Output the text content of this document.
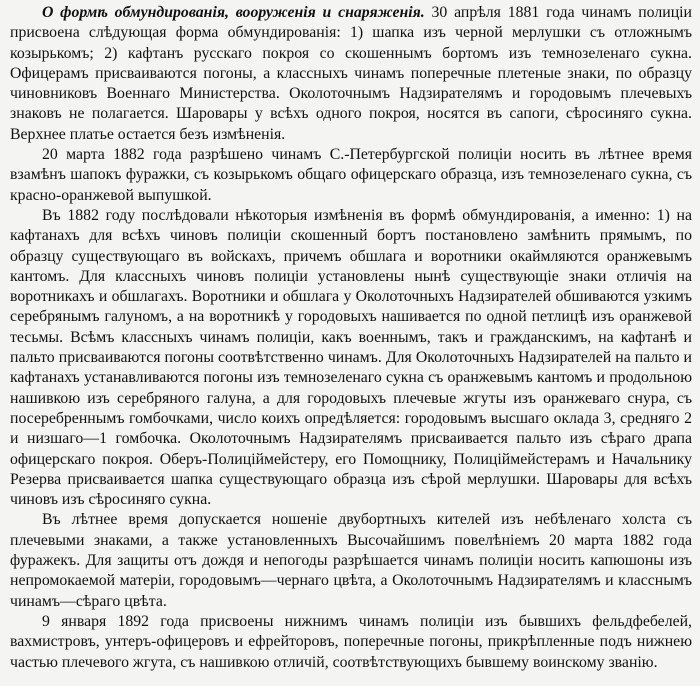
О формѣ обмундированія, вооруженія и снаряженія. 30 апрѣля 1881 года чинамъ полиціи присвоена слѣдующая форма обмундированія: 1) шапка изъ черной мерлушки съ отложнымъ козырькомъ; 2) кафтанъ русскаго покроя со скошеннымъ бортомъ изъ темнозеленаго сукна. Офицерамъ присваиваются погоны, а классныхъ чинамъ поперечные плетеные знаки, по образцу чиновниковъ Военнаго Министерства. Околоточнымъ Надзирателямъ и городовымъ плечевыхъ знаковъ не полагается. Шаровары у всѣхъ одного покроя, носятся въ сапоги, сѣросиняго сукна. Верхнее платье остается безъ измѣненія.

20 марта 1882 года разрѣшено чинамъ С.-Петербургской полиціи носить въ лѣтнее время взамѣнъ шапокъ фуражки, съ козырькомъ общаго офицерскаго образца, изъ темнозеленаго сукна, съ красно-оранжевой выпушкой.

Въ 1882 году послѣдовали нѣкоторыя измѣненія въ формѣ обмундированія, а именно: 1) на кафтанахъ для всѣхъ чиновъ полиціи скошенный бортъ постановлено замѣнить прямымъ, по образцу существующаго въ войскахъ, причемъ обшлага и воротники окаймляются оранжевымъ кантомъ. Для классныхъ чиновъ полиціи установлены нынѣ существующіе знаки отличія на воротникахъ и обшлагахъ. Воротники и обшлага у Околоточныхъ Надзирателей обшиваются узкимъ серебрянымъ галуномъ, а на воротникѣ у городовыхъ нашивается по одной петлицѣ изъ оранжевой тесьмы. Всѣмъ классныхъ чинамъ полиціи, какъ военнымъ, такъ и гражданскимъ, на кафтанѣ и пальто присваиваются погоны соотвѣтственно чинамъ. Для Околоточныхъ Надзирателей на пальто и кафтанахъ устанавливаются погоны изъ темнозеленаго сукна съ оранжевымъ кантомъ и продольною нашивкою изъ серебряного галуна, а для городовыхъ плечевые жгуты изъ оранжеваго снура, съ посеребреннымъ гомбочками, число коихъ опредѣляется: городовымъ высшаго оклада 3, средняго 2 и низшаго—1 гомбочка. Околоточнымъ Надзирателямъ присваивается пальто изъ сѣраго драпа офицерскаго покроя. Оберъ-Полиціймейстеру, его Помощнику, Полиціймейстерамъ и Начальнику Резерва присваивается шапка существующаго образца изъ сѣрой мерлушки. Шаровары для всѣхъ чиновъ изъ сѣросиняго сукна.

Въ лѣтнее время допускается ношеніе двубортныхъ кителей изъ небѣленаго холста съ плечевыми знаками, а также установленныхъ Высочайшимъ повелѣніемъ 20 марта 1882 года фуражекъ. Для защиты отъ дождя и непогоды разрѣшается чинамъ полиціи носить капюшоны изъ непромокаемой матеріи, городовымъ—чернаго цвѣта, а Околоточнымъ Надзирателямъ и класснымъ чинамъ—сѣраго цвѣта.

9 января 1892 года присвоены нижнимъ чинамъ полиціи изъ бывшихъ фельдфебелей, вахмистровъ, унтеръ-офицеровъ и ефрейторовъ, поперечные погоны, прикрѣпленные подъ нижнею частью плечевого жгута, съ нашивкою отличій, соотвѣтствующихъ бывшему воинскому званію.
